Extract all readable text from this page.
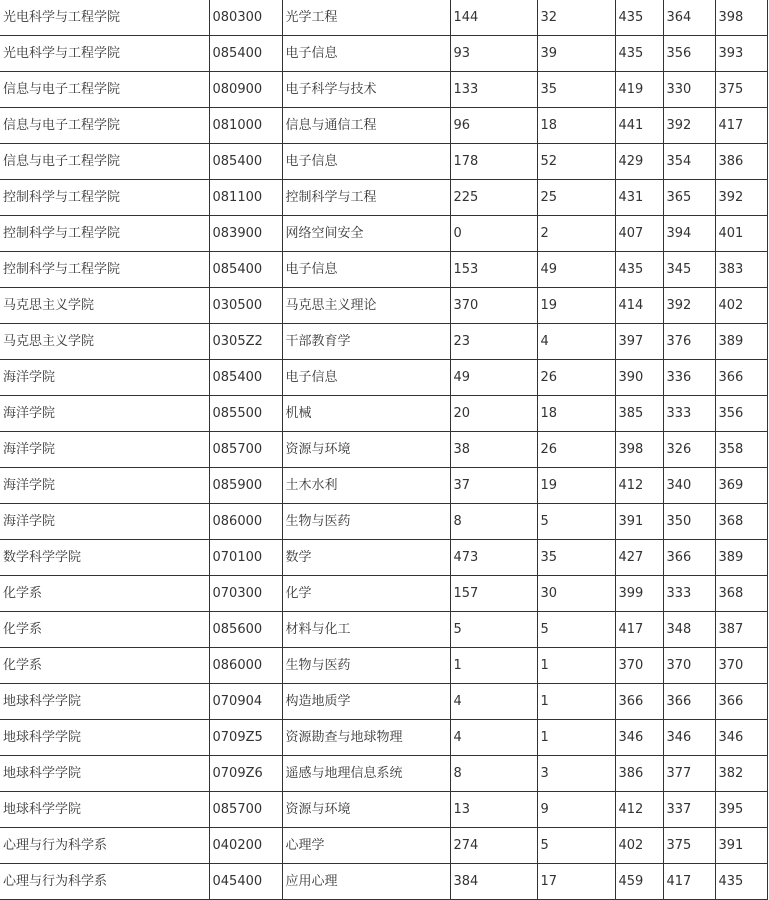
光电科学与工程学院	080300	光学工程	144	32	435	364	398
光电科学与工程学院	085400	电子信息	93	39	435	356	393
信息与电子工程学院	080900	电子科学与技术	133	35	419	330	375
信息与电子工程学院	081000	信息与通信工程	96	18	441	392	417
信息与电子工程学院	085400	电子信息	178	52	429	354	386
控制科学与工程学院	081100	控制科学与工程	225	25	431	365	392
控制科学与工程学院	083900	网络空间安全	0	2	407	394	401
控制科学与工程学院	085400	电子信息	153	49	435	345	383
马克思主义学院	030500	马克思主义理论	370	19	414	392	402
马克思主义学院	0305Z2	干部教育学	23	4	397	376	389
海洋学院	085400	电子信息	49	26	390	336	366
海洋学院	085500	机械	20	18	385	333	356
海洋学院	085700	资源与环境	38	26	398	326	358
海洋学院	085900	土木水利	37	19	412	340	369
海洋学院	086000	生物与医药	8	5	391	350	368
数学科学学院	070100	数学	473	35	427	366	389
化学系	070300	化学	157	30	399	333	368
化学系	085600	材料与化工	5	5	417	348	387
化学系	086000	生物与医药	1	1	370	370	370
地球科学学院	070904	构造地质学	4	1	366	366	366
地球科学学院	0709Z5	资源勘查与地球物理	4	1	346	346	346
地球科学学院	0709Z6	遥感与地理信息系统	8	3	386	377	382
地球科学学院	085700	资源与环境	13	9	412	337	395
心理与行为科学系	040200	心理学	274	5	402	375	391
心理与行为科学系	045400	应用心理	384	17	459	417	435
